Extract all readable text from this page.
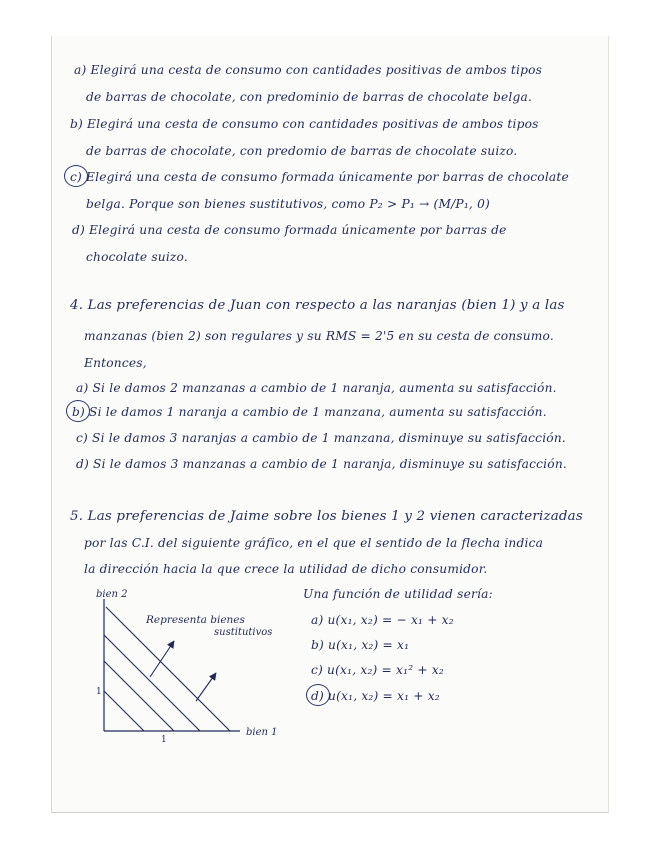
a) Elegirá una cesta de consumo con cantidades positivas de ambos tipos
de barras de chocolate, con predominio de barras de chocolate belga.
b) Elegirá una cesta de consumo con cantidades positivas de ambos tipos
de barras de chocolate, con predomio de barras de chocolate suizo.
c) Elegirá una cesta de consumo formada únicamente por barras de chocolate
belga. Porque son bienes sustitutivos, como P₂ > P₁ → (M/P₁, 0)
d) Elegirá una cesta de consumo formada únicamente por barras de
chocolate suizo.
4. Las preferencias de Juan con respecto a las naranjas (bien 1) y a las
manzanas (bien 2) son regulares y su RMS = 2'5 en su cesta de consumo.
Entonces,
a) Si le damos 2 manzanas a cambio de 1 naranja, aumenta su satisfacción.
b) Si le damos 1 naranja a cambio de 1 manzana, aumenta su satisfacción.
c) Si le damos 3 naranjas a cambio de 1 manzana, disminuye su satisfacción.
d) Si le damos 3 manzanas a cambio de 1 naranja, disminuye su satisfacción.
5. Las preferencias de Jaime sobre los bienes 1 y 2 vienen caracterizadas
por las C.I. del siguiente gráfico, en el que el sentido de la flecha indica
la dirección hacia la que crece la utilidad de dicho consumidor.
Una función de utilidad sería:
a) u(x₁, x₂) = − x₁ + x₂
b) u(x₁, x₂) = x₁
c) u(x₁, x₂) = x₁² + x₂
d) u(x₁, x₂) = x₁ + x₂
bien 2
bien 1
Representa bienes
sustitutivos
1
1
